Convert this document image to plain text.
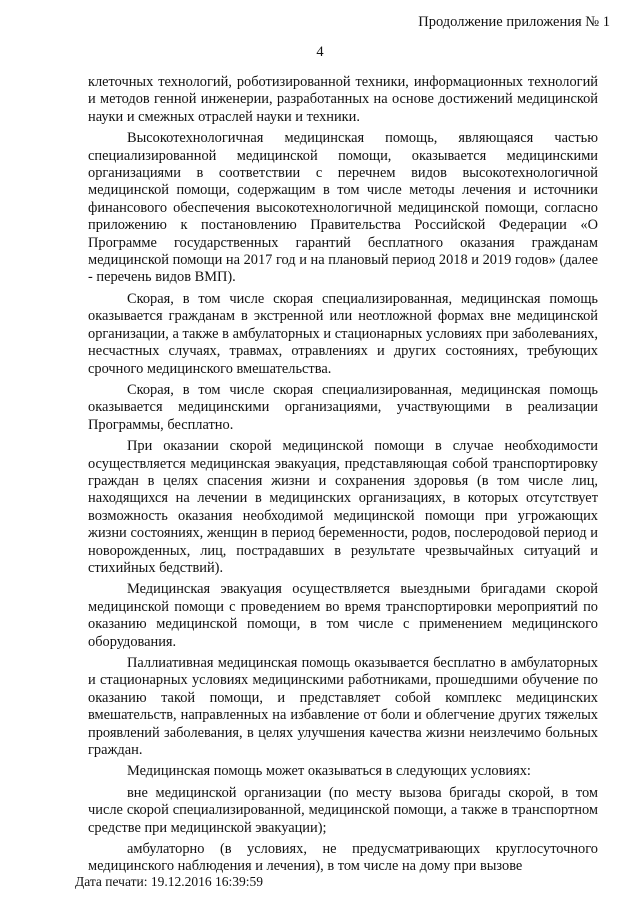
Продолжение приложения № 1
4

клеточных технологий, роботизированной техники, информационных технологий и методов генной инженерии, разработанных на основе достижений медицинской науки и смежных отраслей науки и техники.

Высокотехнологичная медицинская помощь, являющаяся частью специализированной медицинской помощи, оказывается медицинскими организациями в соответствии с перечнем видов высокотехнологичной медицинской помощи, содержащим в том числе методы лечения и источники финансового обеспечения высокотехнологичной медицинской помощи, согласно приложению к постановлению Правительства Российской Федерации «О Программе государственных гарантий бесплатного оказания гражданам медицинской помощи на 2017 год и на плановый период 2018 и 2019 годов» (далее - перечень видов ВМП).

Скорая, в том числе скорая специализированная, медицинская помощь оказывается гражданам в экстренной или неотложной формах вне медицинской организации, а также в амбулаторных и стационарных условиях при заболеваниях, несчастных случаях, травмах, отравлениях и других состояниях, требующих срочного медицинского вмешательства.

Скорая, в том числе скорая специализированная, медицинская помощь оказывается медицинскими организациями, участвующими в реализации Программы, бесплатно.

При оказании скорой медицинской помощи в случае необходимости осуществляется медицинская эвакуация, представляющая собой транспортировку граждан в целях спасения жизни и сохранения здоровья (в том числе лиц, находящихся на лечении в медицинских организациях, в которых отсутствует возможность оказания необходимой медицинской помощи при угрожающих жизни состояниях, женщин в период беременности, родов, послеродовой период и новорожденных, лиц, пострадавших в результате чрезвычайных ситуаций и стихийных бедствий).

Медицинская эвакуация осуществляется выездными бригадами скорой медицинской помощи с проведением во время транспортировки мероприятий по оказанию медицинской помощи, в том числе с применением медицинского оборудования.

Паллиативная медицинская помощь оказывается бесплатно в амбулаторных и стационарных условиях медицинскими работниками, прошедшими обучение по оказанию такой помощи, и представляет собой комплекс медицинских вмешательств, направленных на избавление от боли и облегчение других тяжелых проявлений заболевания, в целях улучшения качества жизни неизлечимо больных граждан.

Медицинская помощь может оказываться в следующих условиях:

вне медицинской организации (по месту вызова бригады скорой, в том числе скорой специализированной, медицинской помощи, а также в транспортном средстве при медицинской эвакуации);

амбулаторно (в условиях, не предусматривающих круглосуточного медицинского наблюдения и лечения), в том числе на дому при вызове

Дата печати: 19.12.2016 16:39:59
